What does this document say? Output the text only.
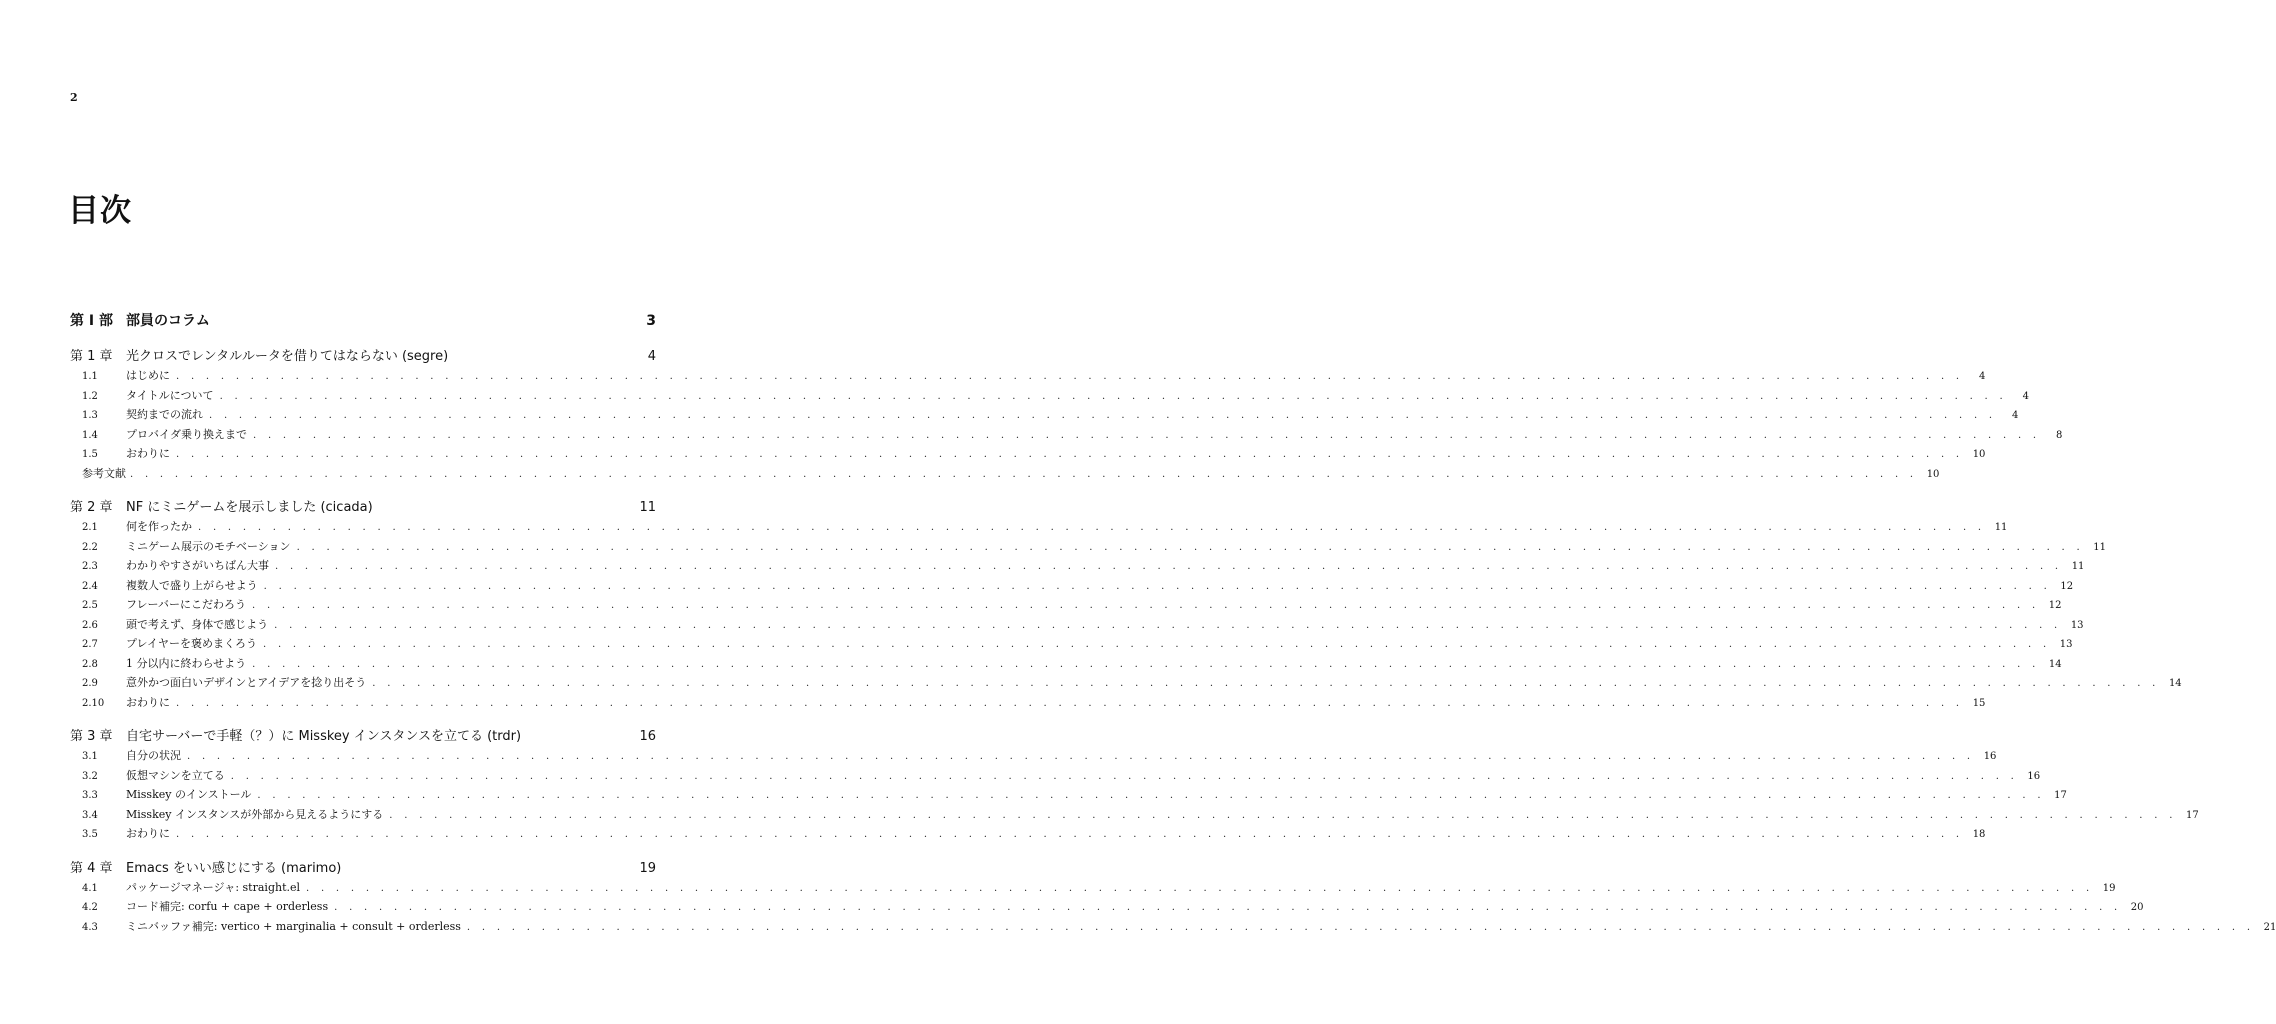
2
目次
第 I 部 部員のコラム	3
第 1 章	光クロスでレンタルルータを借りてはならない (segre)	4
1.1	はじめに . . . . . . . . . . . . . . . . . . . . . . . . . . . . . . . . . . . . . . . . . . . . . . . . . . . . . . . . . . . . . . . . . . . . . . . . . . . . . . . . . . . . . . . . . . . . . . . . . . . . . . . . . . . . . . . . . . . . . . . .	4
1.2	タイトルについて . . . . . . . . . . . . . . . . . . . . . . . . . . . . . . . . . . . . . . . . . . . . . . . . . . . . . . . . . . . . . . . . . . . . . . . . . . . . . . . . . . . . . . . . . . . . . . . . . . . . . . . . . . . . . . . . . . . . . . . .	4
1.3	契約までの流れ . . . . . . . . . . . . . . . . . . . . . . . . . . . . . . . . . . . . . . . . . . . . . . . . . . . . . . . . . . . . . . . . . . . . . . . . . . . . . . . . . . . . . . . . . . . . . . . . . . . . . . . . . . . . . . . . . . . . . . . .	4
1.4	プロバイダ乗り換えまで . . . . . . . . . . . . . . . . . . . . . . . . . . . . . . . . . . . . . . . . . . . . . . . . . . . . . . . . . . . . . . . . . . . . . . . . . . . . . . . . . . . . . . . . . . . . . . . . . . . . . . . . . . . . . . . . . . . . . . . .	8
1.5	おわりに . . . . . . . . . . . . . . . . . . . . . . . . . . . . . . . . . . . . . . . . . . . . . . . . . . . . . . . . . . . . . . . . . . . . . . . . . . . . . . . . . . . . . . . . . . . . . . . . . . . . . . . . . . . . . . . . . . . . . . . . 10
参考文献 . . . . . . . . . . . . . . . . . . . . . . . . . . . . . . . . . . . . . . . . . . . . . . . . . . . . . . . . . . . . . . . . . . . . . . . . . . . . . . . . . . . . . . . . . . . . . . . . . . . . . . . . . . . . . . . . . . . . . . . . 10
第 2 章	NF にミニゲームを展示しました (cicada)	11
2.1	何を作ったか . . . . . . . . . . . . . . . . . . . . . . . . . . . . . . . . . . . . . . . . . . . . . . . . . . . . . . . . . . . . . . . . . . . . . . . . . . . . . . . . . . . . . . . . . . . . . . . . . . . . . . . . . . . . . . . . . . . . . . . . 11
2.2	ミニゲーム展示のモチベーション . . . . . . . . . . . . . . . . . . . . . . . . . . . . . . . . . . . . . . . . . . . . . . . . . . . . . . . . . . . . . . . . . . . . . . . . . . . . . . . . . . . . . . . . . . . . . . . . . . . . . . . . . . . . . . . . . . . . . . . . 11
2.3	わかりやすさがいちばん大事 . . . . . . . . . . . . . . . . . . . . . . . . . . . . . . . . . . . . . . . . . . . . . . . . . . . . . . . . . . . . . . . . . . . . . . . . . . . . . . . . . . . . . . . . . . . . . . . . . . . . . . . . . . . . . . . . . . . . . . . . 11
2.4	複数人で盛り上がらせよう . . . . . . . . . . . . . . . . . . . . . . . . . . . . . . . . . . . . . . . . . . . . . . . . . . . . . . . . . . . . . . . . . . . . . . . . . . . . . . . . . . . . . . . . . . . . . . . . . . . . . . . . . . . . . . . . . . . . . . . . 12
2.5	フレーバーにこだわろう . . . . . . . . . . . . . . . . . . . . . . . . . . . . . . . . . . . . . . . . . . . . . . . . . . . . . . . . . . . . . . . . . . . . . . . . . . . . . . . . . . . . . . . . . . . . . . . . . . . . . . . . . . . . . . . . . . . . . . . . 12
2.6	頭で考えず、身体で感じよう . . . . . . . . . . . . . . . . . . . . . . . . . . . . . . . . . . . . . . . . . . . . . . . . . . . . . . . . . . . . . . . . . . . . . . . . . . . . . . . . . . . . . . . . . . . . . . . . . . . . . . . . . . . . . . . . . . . . . . . . 13
2.7	プレイヤーを褒めまくろう . . . . . . . . . . . . . . . . . . . . . . . . . . . . . . . . . . . . . . . . . . . . . . . . . . . . . . . . . . . . . . . . . . . . . . . . . . . . . . . . . . . . . . . . . . . . . . . . . . . . . . . . . . . . . . . . . . . . . . . . 13
2.8	1 分以内に終わらせよう . . . . . . . . . . . . . . . . . . . . . . . . . . . . . . . . . . . . . . . . . . . . . . . . . . . . . . . . . . . . . . . . . . . . . . . . . . . . . . . . . . . . . . . . . . . . . . . . . . . . . . . . . . . . . . . . . . . . . . . . 14
2.9	意外かつ面白いデザインとアイデアを捻り出そう . . . . . . . . . . . . . . . . . . . . . . . . . . . . . . . . . . . . . . . . . . . . . . . . . . . . . . . . . . . . . . . . . . . . . . . . . . . . . . . . . . . . . . . . . . . . . . . . . . . . . . . . . . . . . . . . . . . . . . . . 14
2.10	おわりに . . . . . . . . . . . . . . . . . . . . . . . . . . . . . . . . . . . . . . . . . . . . . . . . . . . . . . . . . . . . . . . . . . . . . . . . . . . . . . . . . . . . . . . . . . . . . . . . . . . . . . . . . . . . . . . . . . . . . . . . 15
第 3 章	自宅サーバーで手軽（？）に Misskey インスタンスを立てる (trdr)	16
3.1	自分の状況 . . . . . . . . . . . . . . . . . . . . . . . . . . . . . . . . . . . . . . . . . . . . . . . . . . . . . . . . . . . . . . . . . . . . . . . . . . . . . . . . . . . . . . . . . . . . . . . . . . . . . . . . . . . . . . . . . . . . . . . . 16
3.2	仮想マシンを立てる . . . . . . . . . . . . . . . . . . . . . . . . . . . . . . . . . . . . . . . . . . . . . . . . . . . . . . . . . . . . . . . . . . . . . . . . . . . . . . . . . . . . . . . . . . . . . . . . . . . . . . . . . . . . . . . . . . . . . . . . 16
3.3	Misskey のインストール . . . . . . . . . . . . . . . . . . . . . . . . . . . . . . . . . . . . . . . . . . . . . . . . . . . . . . . . . . . . . . . . . . . . . . . . . . . . . . . . . . . . . . . . . . . . . . . . . . . . . . . . . . . . . . . . . . . . . . . . 17
3.4	Misskey インスタンスが外部から見えるようにする . . . . . . . . . . . . . . . . . . . . . . . . . . . . . . . . . . . . . . . . . . . . . . . . . . . . . . . . . . . . . . . . . . . . . . . . . . . . . . . . . . . . . . . . . . . . . . . . . . . . . . . . . . . . . . . . . . . . . . . . 17
3.5	おわりに . . . . . . . . . . . . . . . . . . . . . . . . . . . . . . . . . . . . . . . . . . . . . . . . . . . . . . . . . . . . . . . . . . . . . . . . . . . . . . . . . . . . . . . . . . . . . . . . . . . . . . . . . . . . . . . . . . . . . . . . 18
第 4 章	Emacs をいい感じにする (marimo)	19
4.1	パッケージマネージャ: straight.el . . . . . . . . . . . . . . . . . . . . . . . . . . . . . . . . . . . . . . . . . . . . . . . . . . . . . . . . . . . . . . . . . . . . . . . . . . . . . . . . . . . . . . . . . . . . . . . . . . . . . . . . . . . . . . . . . . . . . . . . 19
4.2	コード補完: corfu + cape + orderless . . . . . . . . . . . . . . . . . . . . . . . . . . . . . . . . . . . . . . . . . . . . . . . . . . . . . . . . . . . . . . . . . . . . . . . . . . . . . . . . . . . . . . . . . . . . . . . . . . . . . . . . . . . . . . . . . . . . . . . . 20
4.3	ミニバッファ補完: vertico + marginalia + consult + orderless . . . . . . . . . . . . . . . . . . . . . . . . . . . . . . . . . . . . . . . . . . . . . . . . . . . . . . . . . . . . . . . . . . . . . . . . . . . . . . . . . . . . . . . . . . . . . . . . . . . . . . . . . . . . . . . . . . . . . . . . 21
